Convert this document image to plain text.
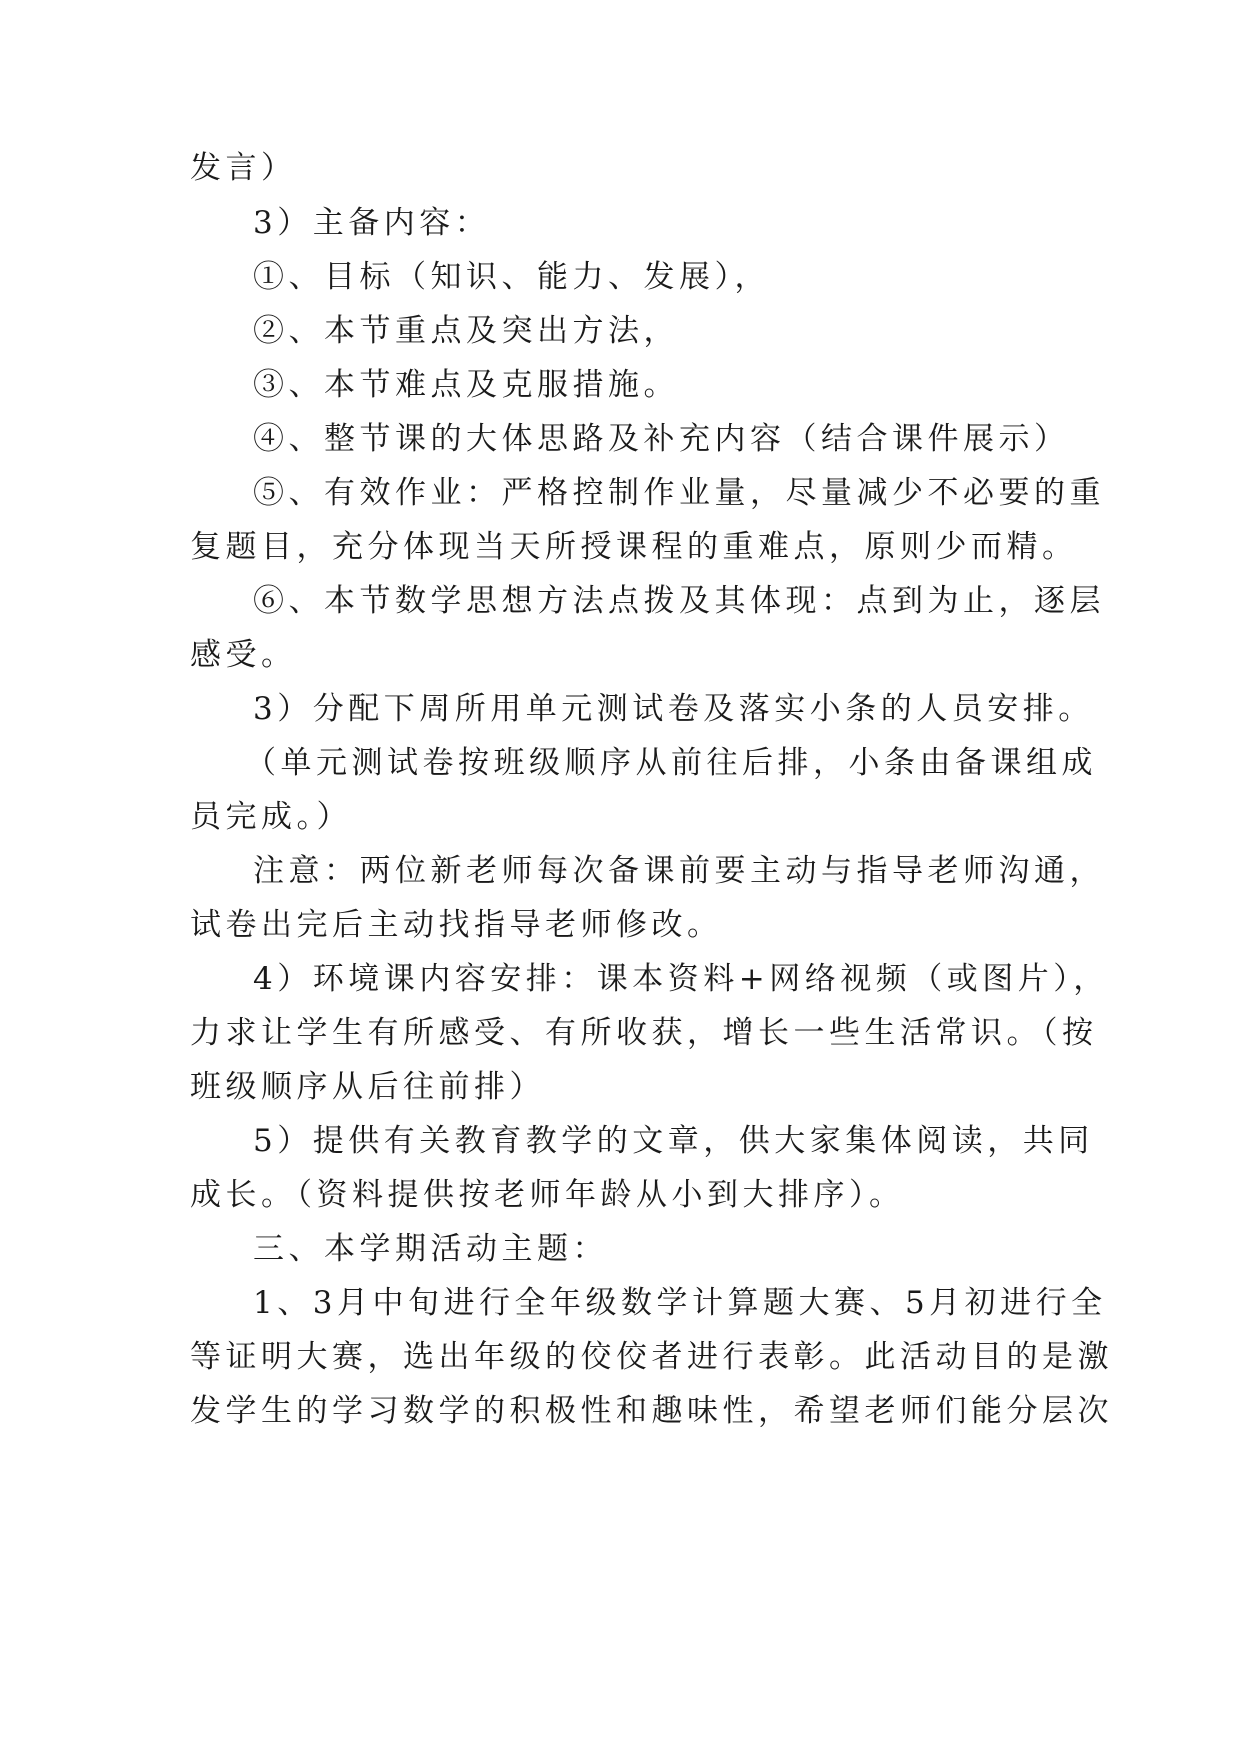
发言）
3）主备内容：
①、目标（知识、能力、发展），
②、本节重点及突出方法，
③、本节难点及克服措施。
④、整节课的大体思路及补充内容（结合课件展示）
⑤、有效作业：严格控制作业量，尽量减少不必要的重
复题目，充分体现当天所授课程的重难点，原则少而精。
⑥、本节数学思想方法点拨及其体现：点到为止，逐层
感受。
3）分配下周所用单元测试卷及落实小条的人员安排。
（单元测试卷按班级顺序从前往后排，小条由备课组成
员完成。）
注意：两位新老师每次备课前要主动与指导老师沟通，
试卷出完后主动找指导老师修改。
4）环境课内容安排：课本资料+网络视频（或图片），
力求让学生有所感受、有所收获，增长一些生活常识。（按
班级顺序从后往前排）
5）提供有关教育教学的文章，供大家集体阅读，共同
成长。（资料提供按老师年龄从小到大排序）。
三、本学期活动主题：
1、3月中旬进行全年级数学计算题大赛、5月初进行全
等证明大赛，选出年级的佼佼者进行表彰。此活动目的是激
发学生的学习数学的积极性和趣味性，希望老师们能分层次
